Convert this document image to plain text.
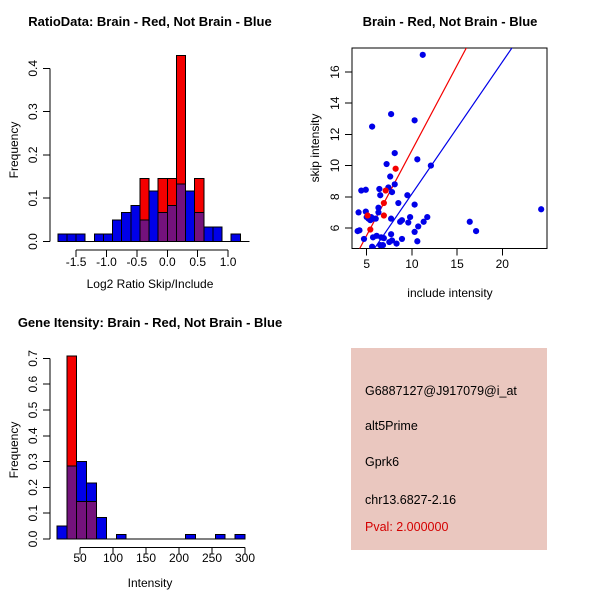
0.0
0.1
0.2
0.3
0.4
-1.5 -1.0 -0.5 0.0 0.5 1.0
RatioData: Brain - Red, Not Brain - Blue
Log2 Ratio Skip/Include
Frequency
6
8
10
12
14
16
5	10	15	20
Brain - Red, Not Brain - Blue
include intensity
skip intensity
0.0
0.1
0.2
0.3
0.4
0.5
0.6
0.7
50 100 150 200 250 300
Gene Itensity: Brain - Red, Not Brain - Blue
Intensity
Frequency
G6887127@J917079@i_at
alt5Prime
Gprk6
chr13.6827-2.16
Pval: 2.000000
